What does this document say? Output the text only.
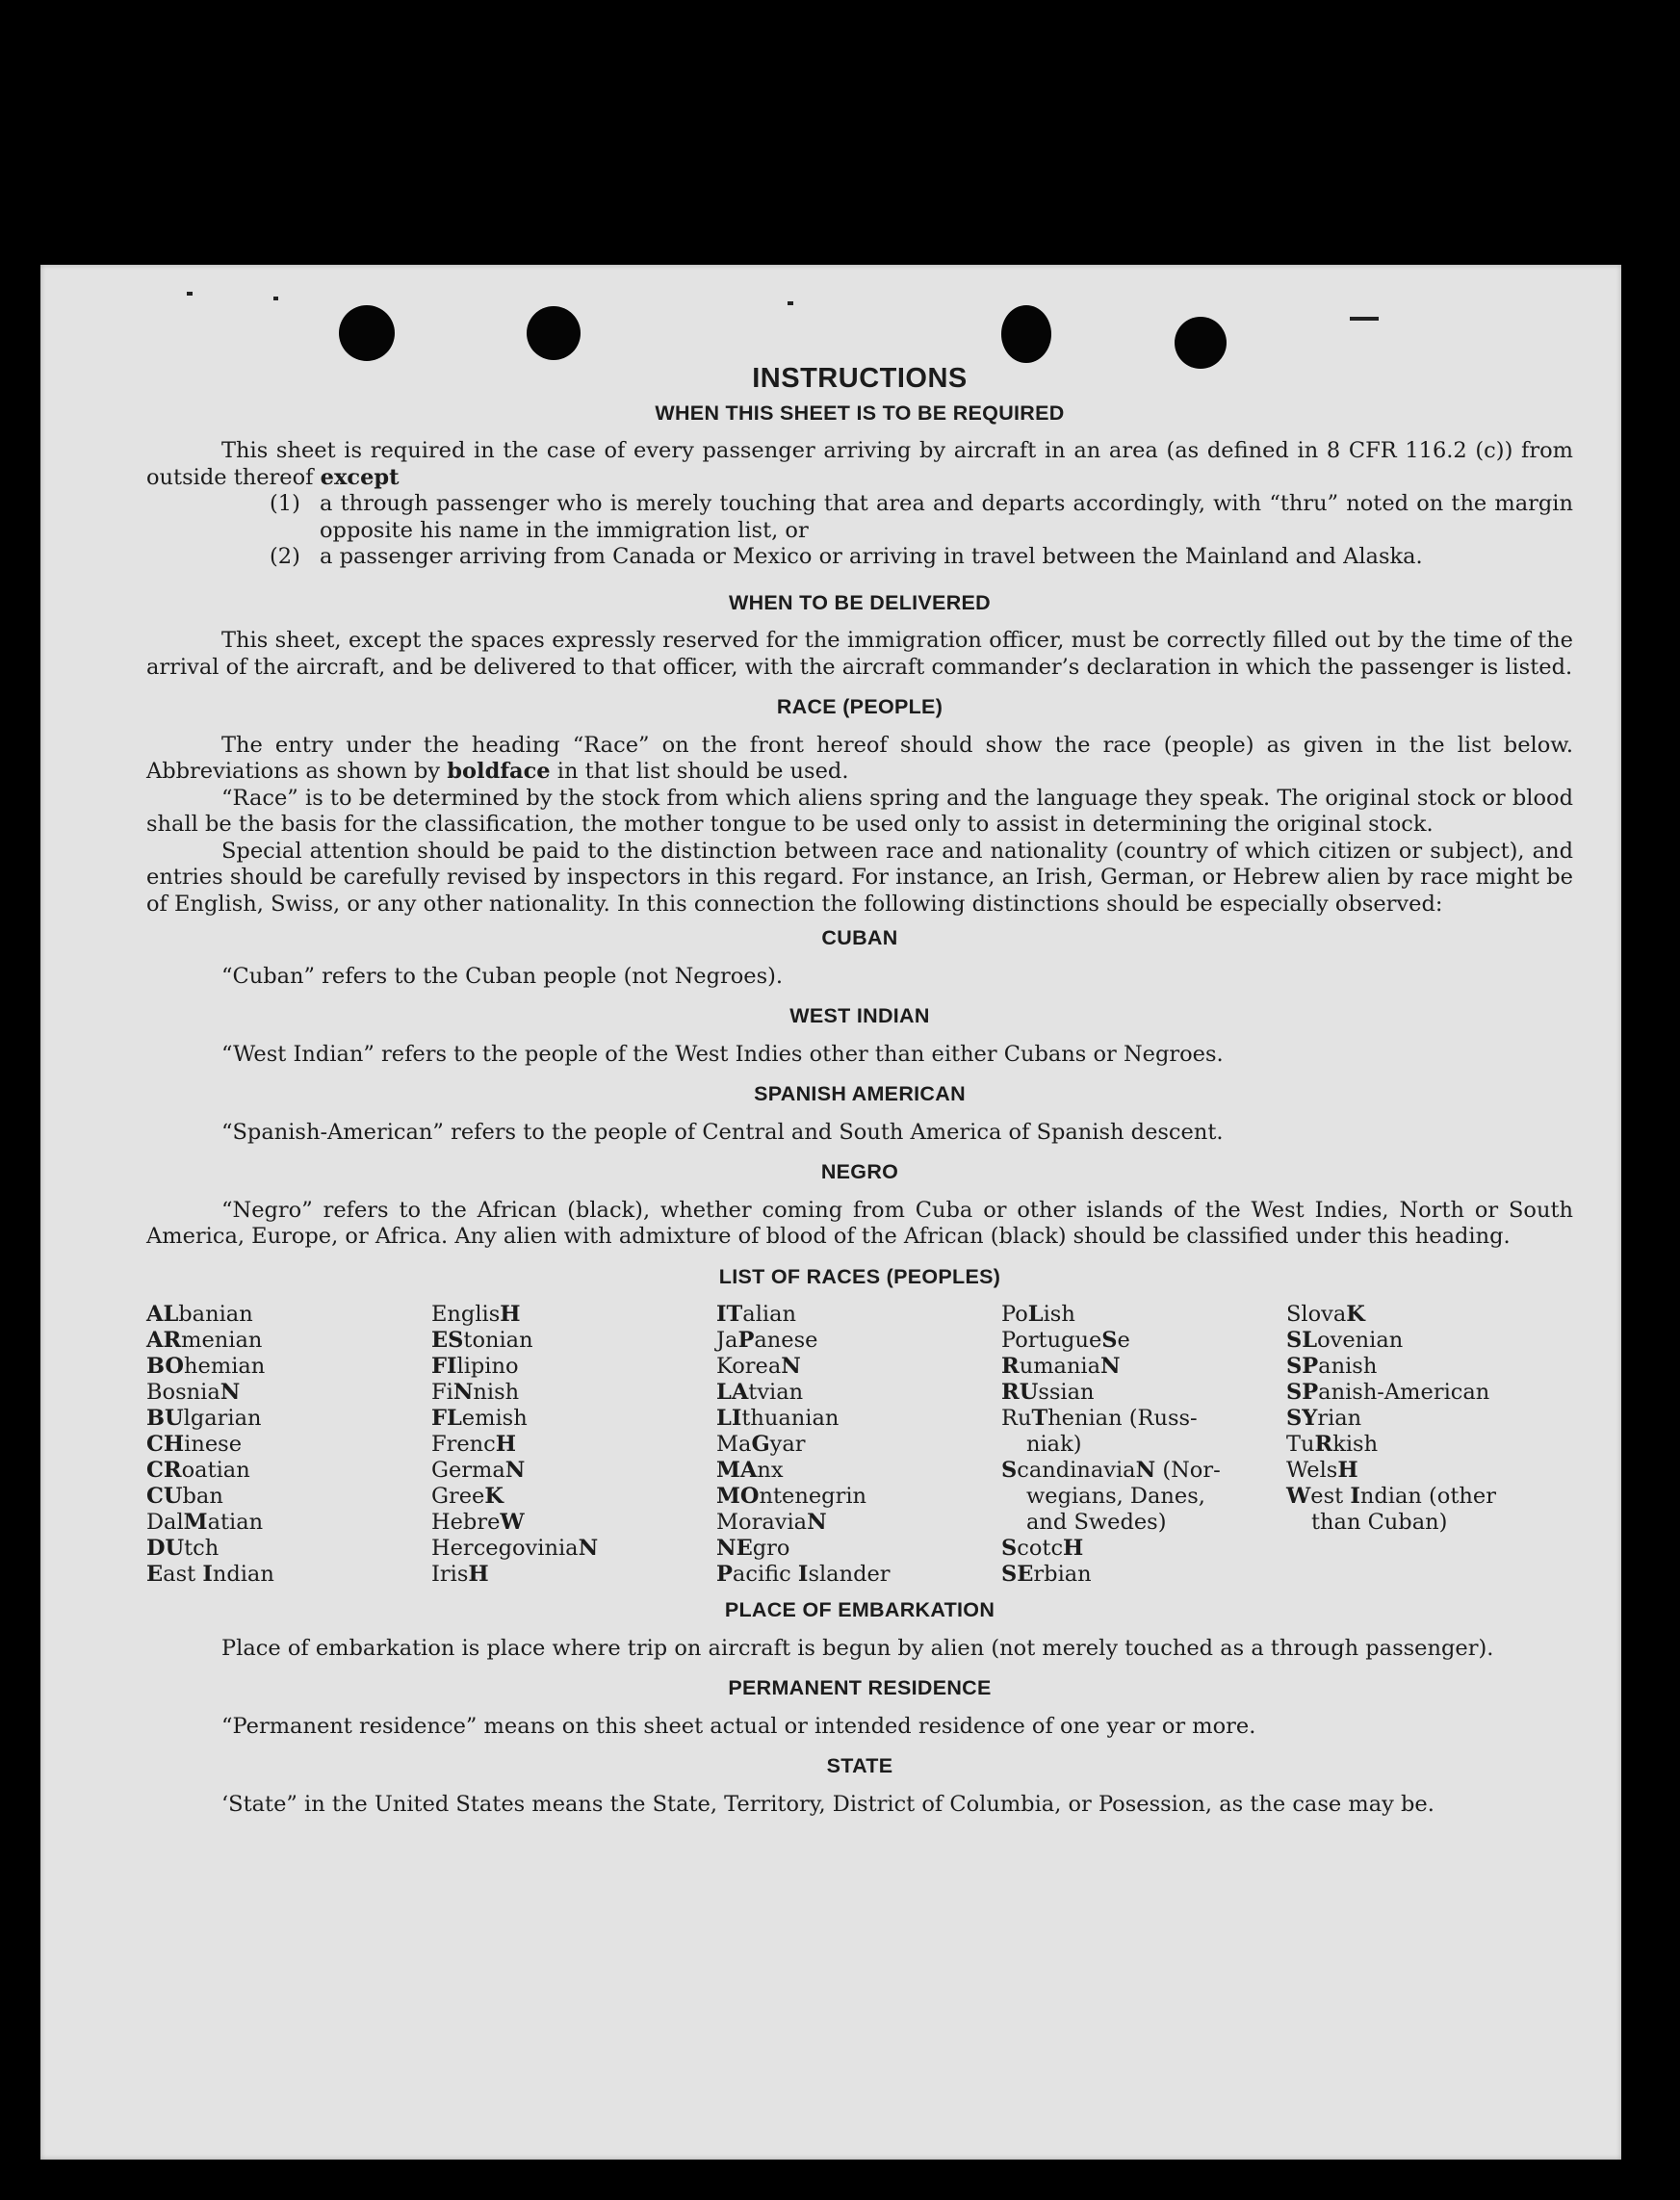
INSTRUCTIONS
WHEN THIS SHEET IS TO BE REQUIRED

This sheet is required in the case of every passenger arriving by aircraft in an area (as defined in 8 CFR 116.2 (c)) from outside thereof except

(1) a through passenger who is merely touching that area and departs accordingly, with “thru” noted on the margin opposite his name in the immigration list, or
(2) a passenger arriving from Canada or Mexico or arriving in travel between the Mainland and Alaska.
WHEN TO BE DELIVERED

This sheet, except the spaces expressly reserved for the immigration officer, must be correctly filled out by the time of the arrival of the aircraft, and be delivered to that officer, with the aircraft commander’s declaration in which the passenger is listed.

RACE (PEOPLE)

The entry under the heading “Race” on the front hereof should show the race (people) as given in the list below. Abbreviations as shown by boldface in that list should be used.

“Race” is to be determined by the stock from which aliens spring and the language they speak. The original stock or blood shall be the basis for the classification, the mother tongue to be used only to assist in determining the original stock.

Special attention should be paid to the distinction between race and nationality (country of which citizen or subject), and entries should be carefully revised by inspectors in this regard. For instance, an Irish, German, or Hebrew alien by race might be of English, Swiss, or any other nationality. In this connection the following distinctions should be especially observed:

CUBAN

“Cuban” refers to the Cuban people (not Negroes).

WEST INDIAN

“West Indian” refers to the people of the West Indies other than either Cubans or Negroes.

SPANISH AMERICAN

“Spanish-American” refers to the people of Central and South America of Spanish descent.

NEGRO

“Negro” refers to the African (black), whether coming from Cuba or other islands of the West Indies, North or South America, Europe, or Africa. Any alien with admixture of blood of the African (black) should be classified under this heading.

LIST OF RACES (PEOPLES)
ALbanian
ARmenian
BOhemian
BosniaN
BUlgarian
CHinese
CRoatian
CUban
DalMatian
DUtch
East Indian
EnglisH
EStonian
FIlipino
FiNnish
FLemish
FrencH
GermaN
GreeK
HebreW
HercegoviniaN
IrisH
ITalian
JaPanese
KoreaN
LAtvian
LIthuanian
MaGyar
MAnx
MOntenegrin
MoraviaN
NEgro
Pacific Islander
PoLish
PortugueSe
RumaniaN
RUssian
RuThenian (Russ-
niak)
ScandinaviaN (Nor-
wegians, Danes,
and Swedes)
ScotcH
SErbian
SlovaK
SLovenian
SPanish
SPanish-American
SYrian
TuRkish
WelsH
West Indian (other
than Cuban)
PLACE OF EMBARKATION

Place of embarkation is place where trip on aircraft is begun by alien (not merely touched as a through passenger).

PERMANENT RESIDENCE

“Permanent residence” means on this sheet actual or intended residence of one year or more.

STATE

‘State” in the United States means the State, Territory, District of Columbia, or Posession, as the case may be.
